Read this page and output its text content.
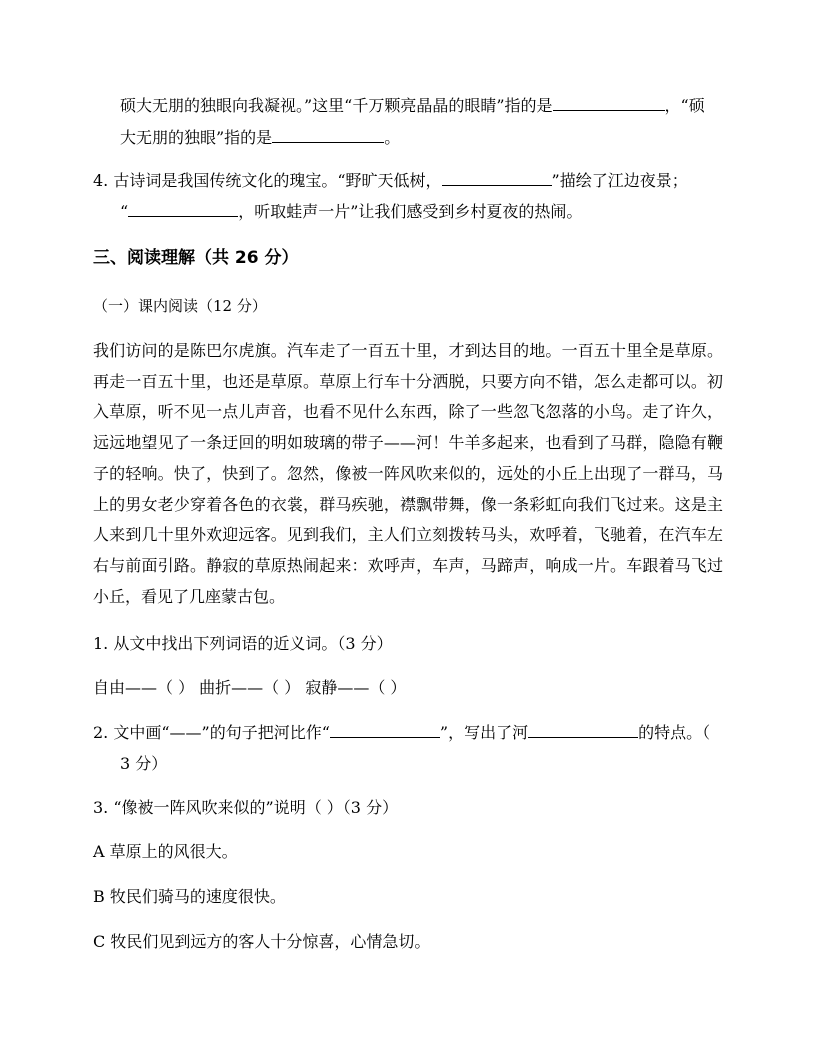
硕大无朋的独眼向我凝视。”这里“千万颗亮晶晶的眼睛”指的是	，“硕
大无朋的独眼”指的是	。
4. 古诗词是我国传统文化的瑰宝。“野旷天低树，	”描绘了江边夜景；
“	，听取蛙声一片”让我们感受到乡村夏夜的热闹。
三、阅读理解（共 26 分）
（一）课内阅读（12 分）
我们访问的是陈巴尔虎旗。汽车走了一百五十里，才到达目的地。一百五十里全是草原。再走一百五十里，也还是草原。草原上行车十分洒脱，只要方向不错，怎么走都可以。初入草原，听不见一点儿声音，也看不见什么东西，除了一些忽飞忽落的小鸟。走了许久，远远地望见了一条迂回的明如玻璃的带子——河！牛羊多起来，也看到了马群，隐隐有鞭子的轻响。快了，快到了。忽然，像被一阵风吹来似的，远处的小丘上出现了一群马，马上的男女老少穿着各色的衣裳，群马疾驰，襟飘带舞，像一条彩虹向我们飞过来。这是主人来到几十里外欢迎远客。见到我们，主人们立刻拨转马头，欢呼着，飞驰着，在汽车左右与前面引路。静寂的草原热闹起来：欢呼声，车声，马蹄声，响成一片。车跟着马飞过小丘，看见了几座蒙古包。
1. 从文中找出下列词语的近义词。（3 分）
自由——（ ） 曲折——（ ） 寂静——（ ）
2. 文中画“——”的句子把河比作“	”，写出了河	的特点。（
3 分）
3. “像被一阵风吹来似的”说明（ ）（3 分）
A 草原上的风很大。
B 牧民们骑马的速度很快。
C 牧民们见到远方的客人十分惊喜，心情急切。
